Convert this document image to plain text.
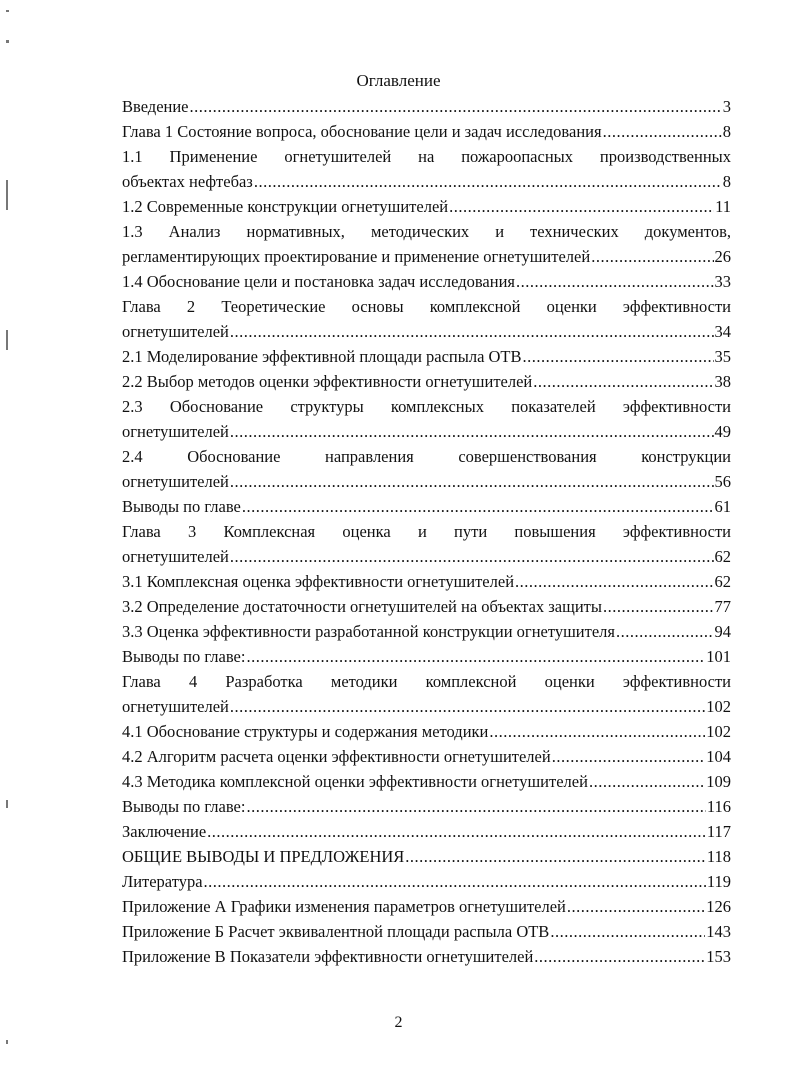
Оглавление
Введение .....	3
Глава 1 Состояние вопроса, обоснование цели и задач исследования .....	8
1.1 Применение огнетушителей на пожароопасных производственных
объектах нефтебаз .....	8
1.2 Современные конструкции огнетушителей .....	11
1.3 Анализ нормативных, методических и технических документов,
регламентирующих проектирование и применение огнетушителей .....	26
1.4 Обоснование цели и постановка задач исследования .....	33
Глава 2 Теоретические основы комплексной оценки эффективности
огнетушителей .....	34
2.1 Моделирование эффективной площади распыла ОТВ .....	35
2.2 Выбор методов оценки эффективности огнетушителей .....	38
2.3 Обоснование структуры комплексных показателей эффективности
огнетушителей .....	49
2.4 Обоснование направления совершенствования конструкции
огнетушителей .....	56
Выводы по главе .....	61
Глава 3 Комплексная оценка и пути повышения эффективности
огнетушителей .....	62
3.1 Комплексная оценка эффективности огнетушителей .....	62
3.2 Определение достаточности огнетушителей на объектах защиты .....	77
3.3 Оценка эффективности разработанной конструкции огнетушителя .....	94
Выводы по главе: .....	101
Глава 4 Разработка методики комплексной оценки эффективности
огнетушителей .....	102
4.1 Обоснование структуры и содержания методики .....	102
4.2 Алгоритм расчета оценки эффективности огнетушителей .....	104
4.3 Методика комплексной оценки эффективности огнетушителей .....	109
Выводы по главе: .....	116
Заключение .....	117
ОБЩИЕ ВЫВОДЫ И ПРЕДЛОЖЕНИЯ .....	118
Литература .....	119
Приложение А Графики изменения параметров огнетушителей .....	126
Приложение Б Расчет эквивалентной площади распыла ОТВ .....	143
Приложение В Показатели эффективности огнетушителей .....	153
2
